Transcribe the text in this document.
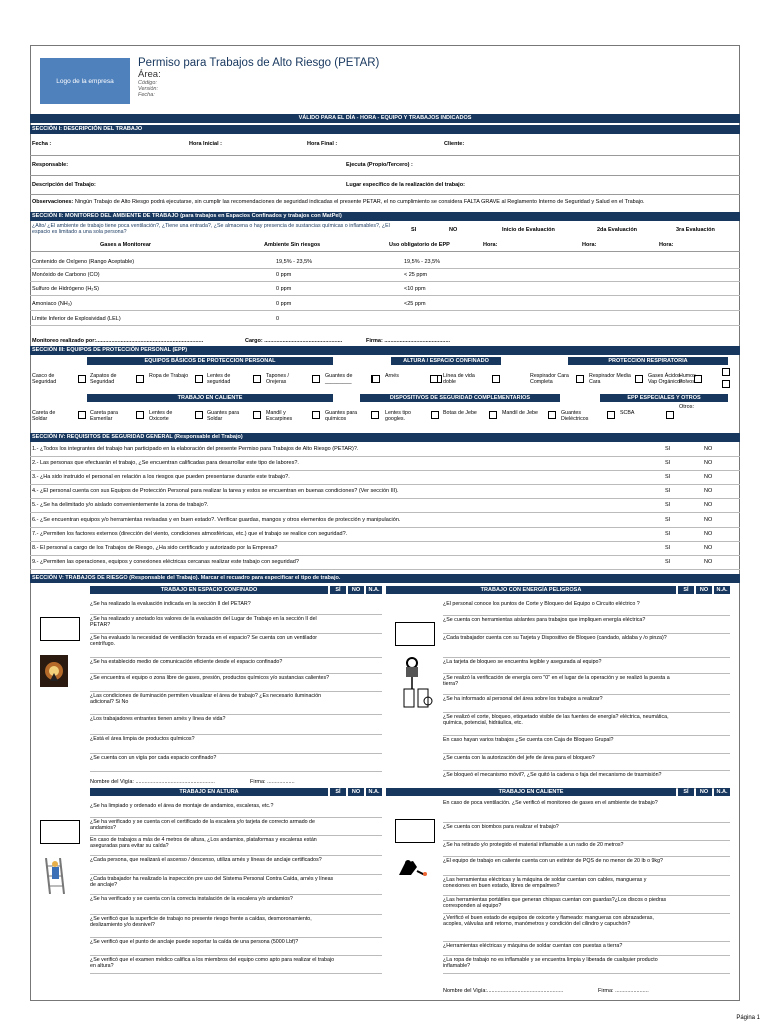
Logo de la empresa
Permiso para Trabajos de Alto Riesgo (PETAR)
Área:
Código:
Versión:
Fecha:
VÁLIDO PARA EL DÍA - HORA - EQUIPO Y TRABAJOS INDICADOS
SECCIÓN I: DESCRIPCIÓN DEL TRABAJO
Fecha :	Hora Inicial :	Hora Final :	Cliente:
Responsable:	Ejecuta (Propio/Tercero) :
Descripción del Trabajo:	Lugar específico de la realización del trabajo:
Observaciones: Ningún Trabajo de Alto Riesgo podrá ejecutarse, sin cumplir las recomendaciones de seguridad indicadas el presente PETAR, el no cumplimiento se considera FALTA GRAVE al Reglamento Interno de Seguridad y Salud en el Trabajo.
SECCIÓN II: MONITOREO DEL AMBIENTE DE TRABAJO (para trabajos en Espacios Confinados y trabajos con MatPel)
¿Alto/ ¿El ambiente de trabajo tiene poca ventilación?, ¿Tiene una entrada?, ¿Se almacena o hay presencia de sustancias químicas o inflamables?, ¿El espacio es limitado a una sola persona?	SI	NO	Inicio de Evaluación	2da Evaluación	3ra Evaluación
Gases a Monitorear	Ambiente Sin riesgos	Uso obligatorio de EPP	Hora:	Hora:	Hora:
Contenido de Oxígeno (Rango Aceptable)	19,5% - 23,5%	19,5% - 23,5%
Monóxido de Carbono (CO)	0 ppm	< 25 ppm
Sulfuro de Hidrógeno (H₂S)	0 ppm	<10 ppm
Amoniaco (NH₃)	0 ppm	<25 ppm
Límite Inferior de Explosividad (LEL)	0
Monitoreo realizado por:......................................................................	Cargo: ...................................................	Firma: ...........................................
SECCIÓN III: EQUIPOS DE PROTECCIÓN PERSONAL (EPP)
EQUIPOS BÁSICOS DE PROTECCION PERSONAL	ALTURA / ESPACIO CONFINADO	PROTECCION RESPIRATORIA
Casco de Seguridad
Zapatos de Seguridad
Ropa de Trabajo	Lentes de seguridad
Tapones / Orejeras
Guantes de _________
Arnés	Línea de vida doble
Respirador Cara Completa
Respirador Media Cara
Gases Ácidos Vap Orgánicos
Humos Polvos
TRABAJO EN CALIENTE	DISPOSITIVOS DE SEGURIDAD COMPLEMENTARIOS	EPP ESPECIALES Y OTROS
Careta de Soldar
Careta para Esmerilar
Lentes de Oxicorte
Guantes para Soldar
Mandil y Escarpines
Guantes para químicos
Lentes tipo googles.
Botas de Jebe	Mandil de Jebe	Guantes Dieléctricos
SCBA
Otros:
SECCIÓN IV: REQUISITOS DE SEGURIDAD GENERAL (Responsable del Trabajo)
1.- ¿Todos los integrantes del trabajo han participado en la elaboración del presente Permiso para Trabajos de Alto Riesgo (PETAR)?.	SI	NO
2.- Las personas que efectuarán el trabajo, ¿Se encuentran calificadas para desarrollar este tipo de labores?.	SI	NO
3.- ¿Ha sido instruido el personal en relación a los riesgos que pueden presentarse durante este trabajo?.	SI	NO
4.- ¿El personal cuenta con sus Equipos de Protección Personal para realizar la tarea y estos se encuentran en buenas condiciones? (Ver sección III).	SI	NO
5.- ¿Se ha delimitado y/o aislado convenientemente la zona de trabajo?.	SI	NO
6.- ¿Se encuentran equipos y/o herramientas revisadas y en buen estado?. Verificar guardas, mangos y otros elementos de protección y manipulación.	SI	NO
7.- ¿Permiten los factores externos (dirección del viento, condiciones atmosféricas, etc.) que el trabajo se realice con seguridad?.	SI	NO
8.- El personal a cargo de los Trabajos de Riesgo, ¿Ha sido certificado y autorizado por la Empresa?	SI	NO
9.- ¿Permiten las operaciones, equipos y conexiones eléctricas cercanas realizar este trabajo con seguridad?	SI	NO
SECCIÓN V: TRABAJOS DE RIESGO (Responsable del Trabajo). Marcar el recuadro para especificar el tipo de trabajo.
TRABAJO EN ESPACIO CONFINADO	SÍ	NO	N.A.
¿Se ha realizado la evaluación indicada en la sección II del PETAR?
¿Se ha realizado y anotado los valores de la evaluación del Lugar de Trabajo en la sección II del PETAR?
¿Se ha evaluado la necesidad de ventilación forzada en el espacio? Se cuenta con un ventilador centrífugo.
¿Se ha establecido medio de comunicación eficiente desde el espacio confinado?
¿Se encuentra el equipo o zona libre de gases, presión, productos químicos y/o sustancias calientes?
¿Las condiciones de iluminación permiten visualizar el área de trabajo? ¿Es necesario iluminación adicional? Si No
¿Los trabajadores entrantes tienen arnés y línea de vida?
¿Está el área limpia de productos químicos?
¿Se cuenta con un vigía por cada espacio confinado?
TRABAJO CON ENERGÍA PELIGROSA	SÍ	NO	N.A.
¿El personal conoce los puntos de Corte y Bloqueo del Equipo o Circuito eléctrico ?
¿Se cuenta con herramientas aislantes para trabajos que impliquen energía eléctrica?
¿Cada trabajador cuenta con su Tarjeta y Dispositivo de Bloqueo (candado, aldaba y /o pinza)?
¿La tarjeta de bloqueo se encuentra legible y asegurada al equipo?
¿Se realizó la verificación de energía cero "0" en el lugar de la operación y se realizó la puesta a tierra?
¿Se ha informado al personal del área sobre los trabajos a realizar?
¿Se realizó el corte, bloqueo, etiquetado visible de las fuentes de energía? eléctrica, neumática, química, potencial, hidráulica, etc.
En caso hayan varios trabajos ¿Se cuenta con Caja de Bloqueo Grupal?
¿Se cuenta con la autorización del jefe de área para el bloqueo?
¿Se bloqueó el mecanismo móvil?, ¿Se quitó la cadena o faja del mecanismo de trasmisión?
TRABAJO EN ALTURA	SÍ	NO	N.A.
¿Se ha limpiado y ordenado el área de montaje de andamios, escaleras, etc.?
¿Se ha verificado y se cuenta con el certificado de la escalera y/o tarjeta de correcto armado de andamios?
En caso de trabajos a más de 4 metros de altura, ¿Los andamios, plataformas y escaleras están aseguradas para evitar su caída?
¿Cada persona, que realizará el ascenso / descenso, utiliza arnés y líneas de anclaje certificados?
¿Cada trabajador ha realizado la inspección pre uso del Sistema Personal Contra Caída, arnés y líneas de anclaje?
¿Se ha verificado y se cuenta con la correcta instalación de la escalera y/o andamios?
¿Se verificó que la superficie de trabajo no presente riesgo frente a caídas, desmoronamiento, deslizamiento y/o desnivel?
¿Se verificó que el punto de anclaje puede soportar la caída de una persona (5000 Lbf)?
¿Se verificó que el examen médico califica a los miembros del equipo como apto para realizar el trabajo en altura?
TRABAJO EN CALIENTE	SÍ	NO	N.A.
En caso de poca ventilación. ¿Se verificó el monitoreo de gases en el ambiente de trabajo?
¿Se cuenta con biombos para realizar el trabajo?
¿Se ha retirado y/o protegido el material inflamable a un radio de 20 metros?
¿El equipo de trabajo en caliente cuenta con un extintor de PQS de no menor de 20 lb o 9kg?
¿Las herramientas eléctricas y la máquina de soldar cuentan con cables, mangueras y conexiones en buen estado, libres de empalmes?
¿Las herramientas portátiles que generan chispas cuentan con guardas?¿Los discos o piedras corresponden al equipo?
¿Verificó el buen estado de equipos de oxicorte y flameado: mangueras con abrazaderas, acoples, válvulas anti retorno, manómetros y condición del cilindro y capuchón?
¿Herramientas eléctricas y máquina de soldar cuentan con puestas a tierra?
¿La ropa de trabajo no es inflamable y se encuentra limpia y liberada de cualquier producto inflamable?
Nombre del Vigía: ....................................................	Firma: ..................
Nombre del Vigía:..................................................	Firma: ......................
Página 1
